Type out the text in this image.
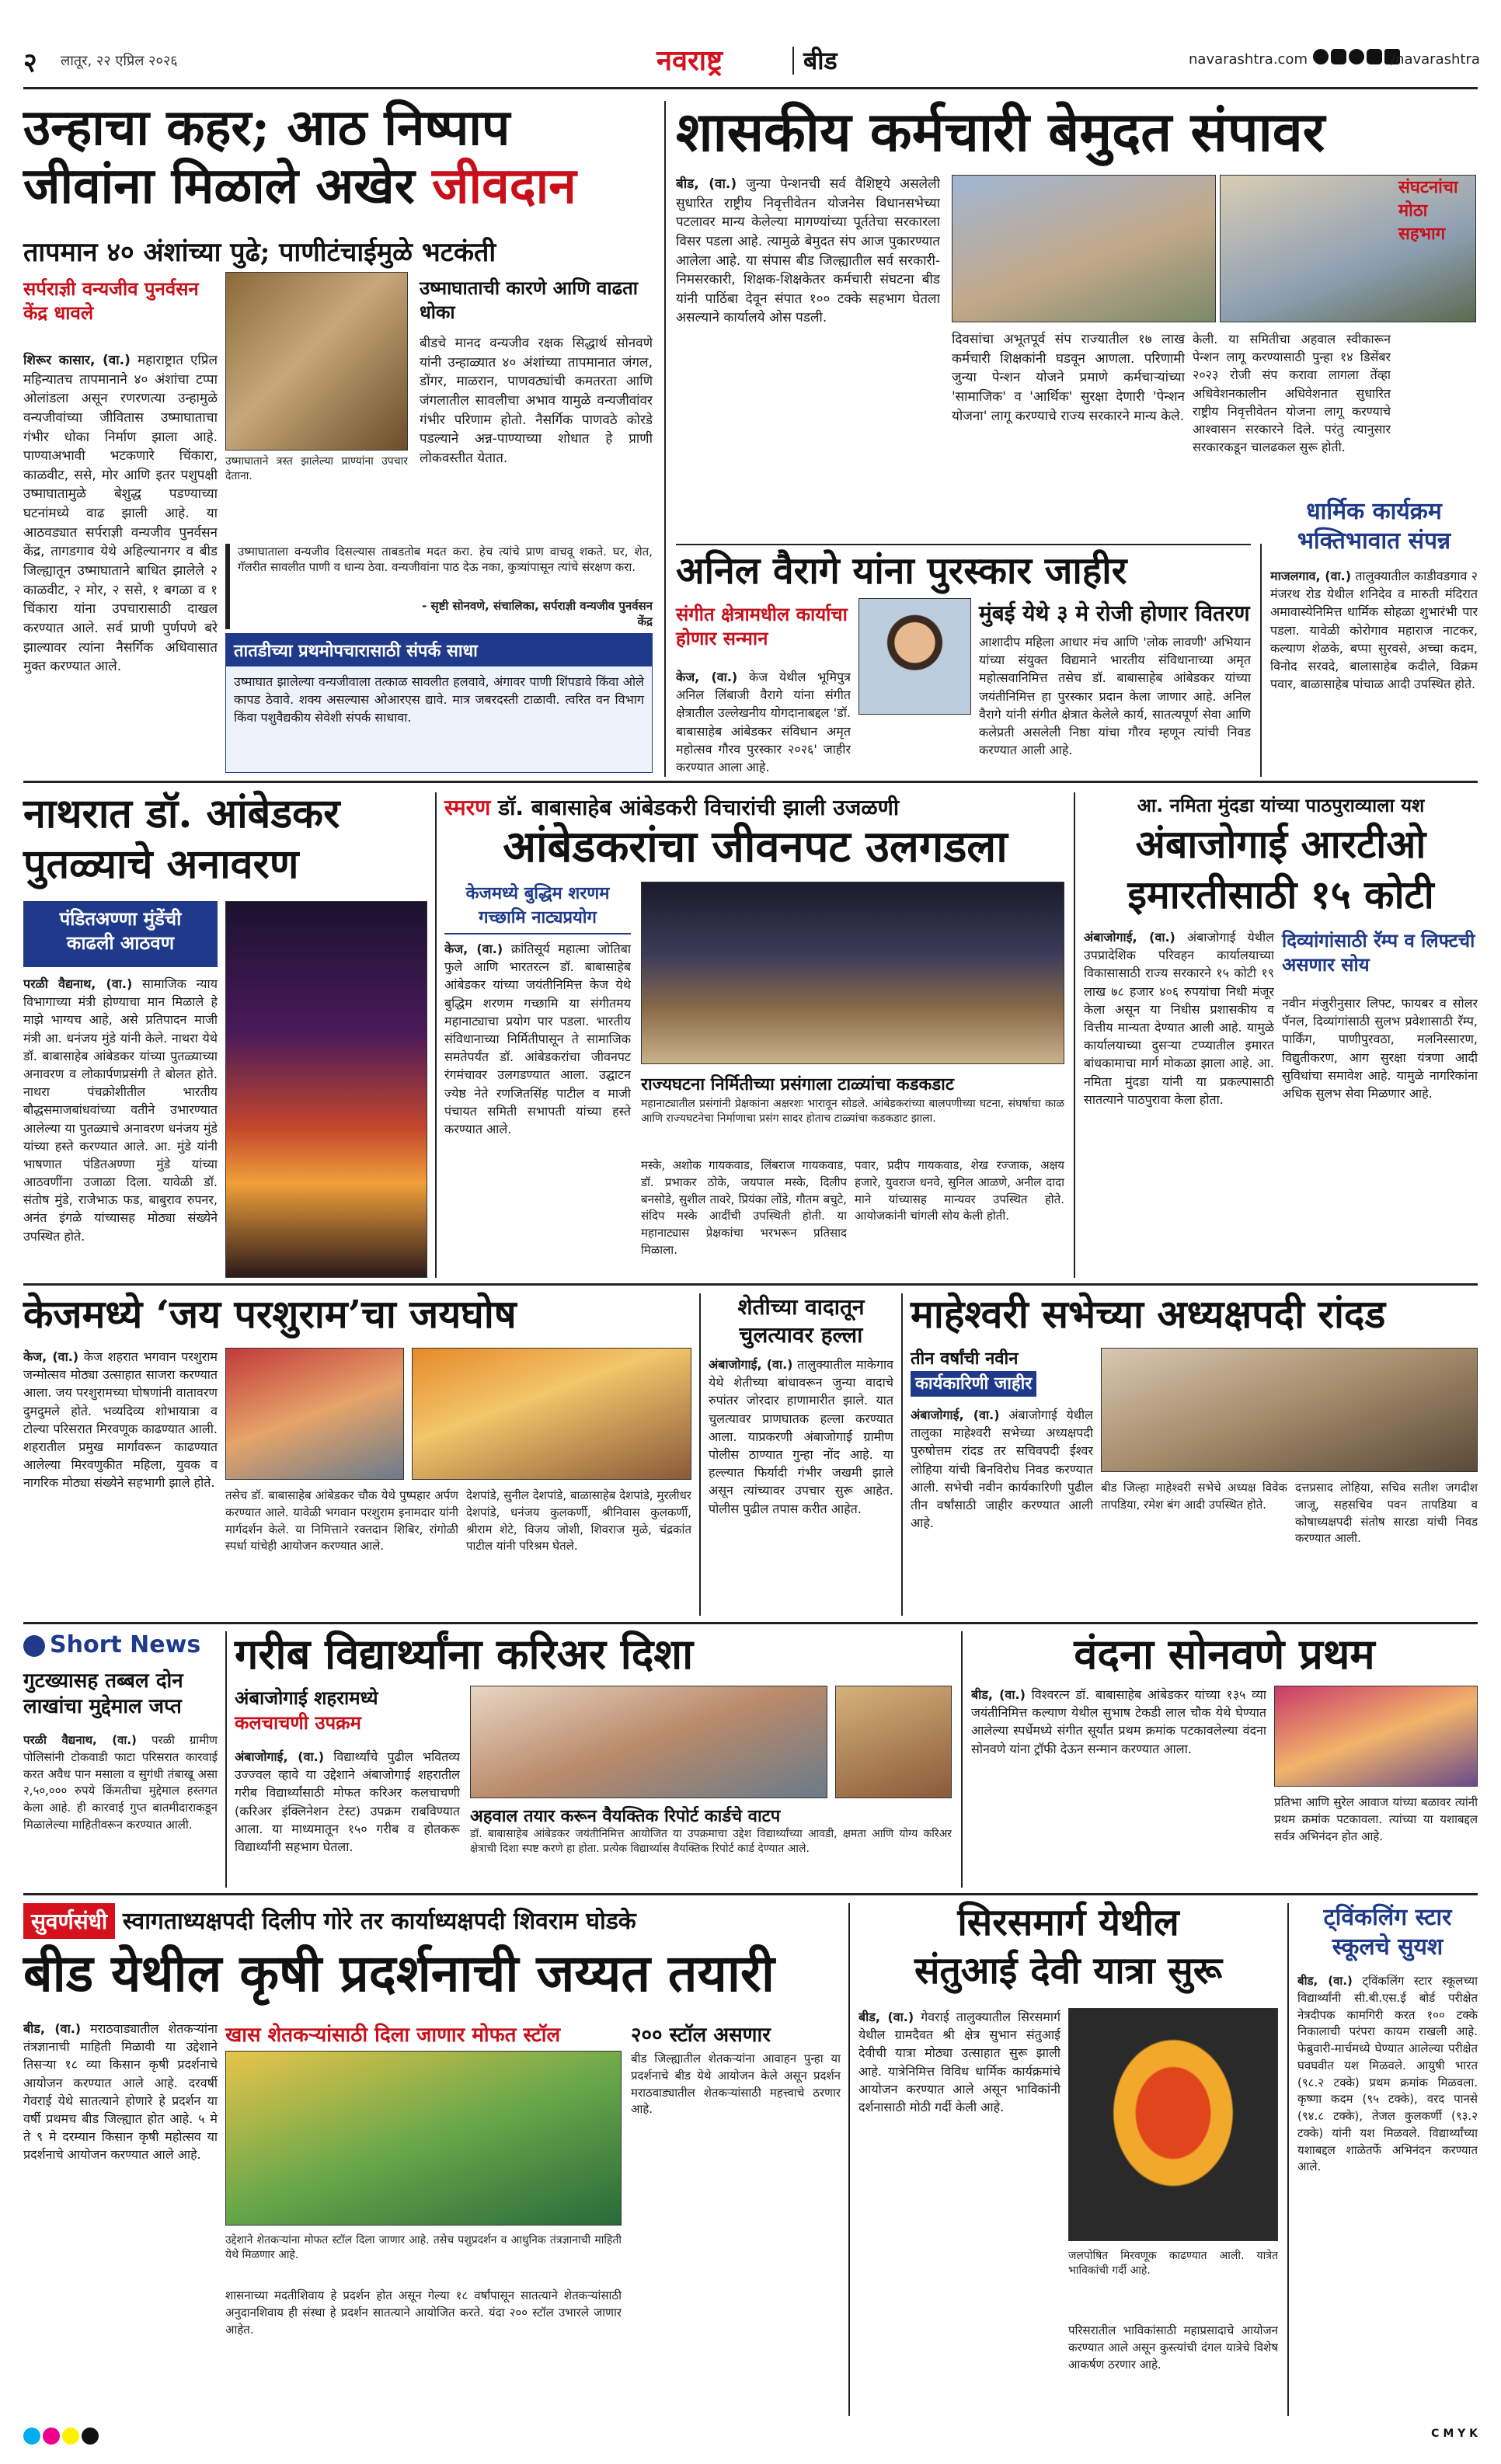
२ लातूर, २२ एप्रिल २०२६	नवराष्ट्र	बीड	navarashtra.com	/navarashtra
उन्हाचा कहर; आठ निष्पाप
जीवांना मिळाले अखेर जीवदान
तापमान ४० अंशांच्या पुढे; पाणीटंचाईमुळे भटकंती
सर्पराज्ञी वन्यजीव पुनर्वसन केंद्र धावले
उष्माघाताची कारणे आणि वाढता धोका
शिरूर कासार, (वा.) महाराष्ट्रात एप्रिल महिन्यातच तापमानाने ४० अंशांचा टप्पा ओलांडला असून रणरणत्या उन्हामुळे वन्यजीवांच्या जीवितास उष्माघाताचा गंभीर धोका निर्माण झाला आहे. पाण्याअभावी भटकणारे चिंकारा, काळवीट, ससे, मोर आणि इतर पशुपक्षी उष्माघातामुळे बेशुद्ध पडण्याच्या घटनांमध्ये वाढ झाली आहे. या आठवड्यात सर्पराज्ञी वन्यजीव पुनर्वसन केंद्र, तागडगाव येथे अहिल्यानगर व बीड जिल्ह्यातून उष्माघाताने बाधित झालेले २ काळवीट, २ मोर, २ ससे, १ बगळा व १ चिंकारा यांना उपचारासाठी दाखल करण्यात आले. सर्व प्राणी पुर्णपणे बरे झाल्यावर त्यांना नैसर्गिक अधिवासात मुक्त करण्यात आले.
बीडचे मानद वन्यजीव रक्षक सिद्धार्थ सोनवणे यांनी उन्हाळ्यात ४० अंशांच्या तापमानात जंगल, डोंगर, माळरान, पाणवठ्यांची कमतरता आणि जंगलातील सावलीचा अभाव यामुळे वन्यजीवांवर गंभीर परिणाम होतो. नैसर्गिक पाणवठे कोरडे पडल्याने अन्न-पाण्याच्या शोधात हे प्राणी लोकवस्तीत येतात.
उष्माघाताला वन्यजीव दिसल्यास ताबडतोब मदत करा. हेच त्यांचे प्राण वाचवू शकते. घर, शेत, गॅलरीत सावलीत पाणी व धान्य ठेवा. वन्यजीवांना पाठ देऊ नका, कुत्र्यांपासून त्यांचे संरक्षण करा.
- सृष्टी सोनवणे, संचालिका, सर्पराज्ञी वन्यजीव पुनर्वसन केंद्र
तातडीच्या प्रथमोपचारासाठी संपर्क साधा
उष्माघात झालेल्या वन्यजीवाला तत्काळ सावलीत हलवावे, अंगावर पाणी शिंपडावे किंवा ओले कापड ठेवावे. शक्य असल्यास ओआरएस द्यावे. मात्र जबरदस्ती टाळावी. त्वरित वन विभाग किंवा पशुवैद्यकीय सेवेशी संपर्क साधावा.
उष्माघाताने त्रस्त झालेल्या प्राण्यांना उपचार देताना.
शासकीय कर्मचारी बेमुदत संपावर
बीड, (वा.) जुन्या पेन्शनची सर्व वैशिष्ट्ये असलेली सुधारित राष्ट्रीय निवृत्तीवेतन योजनेस विधानसभेच्या पटलावर मान्य केलेल्या मागण्यांच्या पूर्ततेचा सरकारला विसर पडला आहे. त्यामुळे बेमुदत संप आज पुकारण्यात आलेला आहे. या संपास बीड जिल्ह्यातील सर्व सरकारी-निमसरकारी, शिक्षक-शिक्षकेतर कर्मचारी संघटना बीड यांनी पाठिंबा देवून संपात १०० टक्के सहभाग घेतला असल्याने कार्यालये ओस पडली.
दिवसांचा अभूतपूर्व संप राज्यातील १७ लाख कर्मचारी शिक्षकांनी घडवून आणला. परिणामी जुन्या पेन्शन योजने प्रमाणे कर्मचाऱ्यांच्या 'सामाजिक' व 'आर्थिक' सुरक्षा देणारी 'पेन्शन योजना' लागू करण्याचे राज्य सरकारने मान्य केले.
केली. या समितीचा अहवाल स्वीकारून पेन्शन लागू करण्यासाठी पुन्हा १४ डिसेंबर २०२३ रोजी संप करावा लागला तेंव्हा अधिवेशनकालीन अधिवेशनात सुधारित राष्ट्रीय निवृत्तीवेतन योजना लागू करण्याचे आश्वासन सरकारने दिले. परंतु त्यानुसार सरकारकडून चालढकल सुरू होती.
संघटनांचा मोठा सहभाग
अनिल वैरागे यांना पुरस्कार जाहीर
संगीत क्षेत्रामधील कार्याचा होणार सन्मान
मुंबई येथे ३ मे रोजी होणार वितरण
केज, (वा.) केज येथील भूमिपुत्र अनिल लिंबाजी वैरागे यांना संगीत क्षेत्रातील उल्लेखनीय योगदानाबद्दल 'डॉ. बाबासाहेब आंबेडकर संविधान अमृत महोत्सव गौरव पुरस्कार २०२६' जाहीर करण्यात आला आहे.
आशादीप महिला आधार मंच आणि 'लोक लावणी' अभियान यांच्या संयुक्त विद्यमाने भारतीय संविधानाच्या अमृत महोत्सवानिमित्त तसेच डॉ. बाबासाहेब आंबेडकर यांच्या जयंतीनिमित्त हा पुरस्कार प्रदान केला जाणार आहे. अनिल वैरागे यांनी संगीत क्षेत्रात केलेले कार्य, सातत्यपूर्ण सेवा आणि कलेप्रती असलेली निष्ठा यांचा गौरव म्हणून त्यांची निवड करण्यात आली आहे.
धार्मिक कार्यक्रम भक्तिभावात संपन्न
माजलगाव, (वा.) तालुक्यातील काडीवडगाव २ मंजरथ रोड येथील शनिदेव व मारुती मंदिरात अमावास्येनिमित्त धार्मिक सोहळा शुभारंभी पार पडला. यावेळी कोरोगाव महाराज नाटकर, कल्याण शेळके, बप्पा सुरवसे, अच्चा कदम, विनोद सरवदे, बालासाहेब कदीले, विक्रम पवार, बाळासाहेब पांचाळ आदी उपस्थित होते.
नाथरात डॉ. आंबेडकर
पुतळ्याचे अनावरण
पंडितअण्णा मुंडेंची
काढली आठवण
परळी वैद्यनाथ, (वा.) सामाजिक न्याय विभागाच्या मंत्री होण्याचा मान मिळाले हे माझे भाग्यच आहे, असे प्रतिपादन माजी मंत्री आ. धनंजय मुंडे यांनी केले. नाथरा येथे डॉ. बाबासाहेब आंबेडकर यांच्या पुतळ्याच्या अनावरण व लोकार्पणप्रसंगी ते बोलत होते. नाथरा पंचक्रोशीतील भारतीय बौद्धसमाजबांधवांच्या वतीने उभारण्यात आलेल्या या पुतळ्याचे अनावरण धनंजय मुंडे यांच्या हस्ते करण्यात आले. आ. मुंडे यांनी भाषणात पंडितअण्णा मुंडे यांच्या आठवणींना उजाळा दिला. यावेळी डॉ. संतोष मुंडे, राजेभाऊ फड, बाबुराव रुपनर, अनंत इंगळे यांच्यासह मोठ्या संख्येने उपस्थित होते.
स्मरण डॉ. बाबासाहेब आंबेडकरी विचारांची झाली उजळणी
आंबेडकरांचा जीवनपट उलगडला
केजमध्ये बुद्धिम शरणम
गच्छामि नाट्यप्रयोग
केज, (वा.) क्रांतिसूर्य महात्मा जोतिबा फुले आणि भारतरत्न डॉ. बाबासाहेब आंबेडकर यांच्या जयंतीनिमित्त केज येथे बुद्धिम शरणम गच्छामि या संगीतमय महानाट्याचा प्रयोग पार पडला. भारतीय संविधानाच्या निर्मितीपासून ते सामाजिक समतेपर्यंत डॉ. आंबेडकरांचा जीवनपट रंगमंचावर उलगडण्यात आला. उद्घाटन ज्येष्ठ नेते रणजितसिंह पाटील व माजी पंचायत समिती सभापती यांच्या हस्ते करण्यात आले.
राज्यघटना निर्मितीच्या प्रसंगाला टाळ्यांचा कडकडाट
महानाट्यातील प्रसंगांनी प्रेक्षकांना अक्षरशः भारावून सोडले. आंबेडकरांच्या बालपणीच्या घटना, संघर्षाचा काळ आणि राज्यघटनेचा निर्माणाचा प्रसंग सादर होताच टाळ्यांचा कडकडाट झाला.
मस्के, अशोक गायकवाड, लिंबराज गायकवाड, डॉ. प्रभाकर ठोके, जयपाल मस्के, दिलीप बनसोडे, सुशील तावरे, प्रियंका लोंडे, गौतम बचुटे, संदिप मस्के आदींची उपस्थिती होती. या महानाट्यास प्रेक्षकांचा भरभरून प्रतिसाद मिळाला.
पवार, प्रदीप गायकवाड, शेख रज्जाक, अक्षय हजारे, युवराज धनवे, सुनिल आळणे, अनील दादा माने यांच्यासह मान्यवर उपस्थित होते. आयोजकांनी चांगली सोय केली होती.
आ. नमिता मुंदडा यांच्या पाठपुराव्याला यश
अंबाजोगाई आरटीओ
इमारतीसाठी १५ कोटी
अंबाजोगाई, (वा.) अंबाजोगाई येथील उपप्रादेशिक परिवहन कार्यालयाच्या विकासासाठी राज्य सरकारने १५ कोटी १९ लाख ७८ हजार ४०६ रुपयांचा निधी मंजूर केला असून या निधीस प्रशासकीय व वित्तीय मान्यता देण्यात आली आहे. यामुळे कार्यालयाच्या दुसऱ्या टप्प्यातील इमारत बांधकामाचा मार्ग मोकळा झाला आहे. आ. नमिता मुंदडा यांनी या प्रकल्पासाठी सातत्याने पाठपुरावा केला होता.
दिव्यांगांसाठी रॅम्प व लिफ्टची असणार सोय
नवीन मंजुरीनुसार लिफ्ट, फायबर व सोलर पॅनल, दिव्यांगांसाठी सुलभ प्रवेशासाठी रॅम्प, पार्किंग, पाणीपुरवठा, मलनिस्सारण, विद्युतीकरण, आग सुरक्षा यंत्रणा आदी सुविधांचा समावेश आहे. यामुळे नागरिकांना अधिक सुलभ सेवा मिळणार आहे.
केजमध्ये ‘जय परशुराम’चा जयघोष
केज, (वा.) केज शहरात भगवान परशुराम जन्मोत्सव मोठ्या उत्साहात साजरा करण्यात आला. जय परशुरामच्या घोषणांनी वातावरण दुमदुमले होते. भव्यदिव्य शोभायात्रा व टोल्या परिसरात मिरवणूक काढण्यात आली. शहरातील प्रमुख मार्गांवरून काढण्यात आलेल्या मिरवणुकीत महिला, युवक व नागरिक मोठ्या संख्येने सहभागी झाले होते.
तसेच डॉ. बाबासाहेब आंबेडकर चौक येथे पुष्पहार अर्पण करण्यात आले. यावेळी भगवान परशुराम इनामदार यांनी मार्गदर्शन केले. या निमित्ताने रक्तदान शिबिर, रांगोळी स्पर्धा यांचेही आयोजन करण्यात आले.
देशपांडे, सुनील देशपांडे, बाळासाहेब देशपांडे, मुरलीधर देशपांडे, धनंजय कुलकर्णी, श्रीनिवास कुलकर्णी, श्रीराम शेटे, विजय जोशी, शिवराज मुळे, चंद्रकांत पाटील यांनी परिश्रम घेतले.
शेतीच्या वादातून
चुलत्यावर हल्ला
अंबाजोगाई, (वा.) तालुक्यातील माकेगाव येथे शेतीच्या बांधावरून जुन्या वादाचे रुपांतर जोरदार हाणामारीत झाले. यात चुलत्यावर प्राणघातक हल्ला करण्यात आला. याप्रकरणी अंबाजोगाई ग्रामीण पोलीस ठाण्यात गुन्हा नोंद आहे. या हल्ल्यात फिर्यादी गंभीर जखमी झाले असून त्यांच्यावर उपचार सुरू आहेत. पोलीस पुढील तपास करीत आहेत.
माहेश्वरी सभेच्या अध्यक्षपदी रांदड
तीन वर्षांची नवीन
कार्यकारिणी जाहीर
अंबाजोगाई, (वा.) अंबाजोगाई येथील तालुका माहेश्वरी सभेच्या अध्यक्षपदी पुरुषोत्तम रांदड तर सचिवपदी ईश्वर लोहिया यांची बिनविरोध निवड करण्यात आली. सभेची नवीन कार्यकारिणी पुढील तीन वर्षांसाठी जाहीर करण्यात आली आहे.
बीड जिल्हा माहेश्वरी सभेचे अध्यक्ष विवेक तापडिया, रमेश बंग आदी उपस्थित होते.
दत्तप्रसाद लोहिया, सचिव सतीश जगदीश जाजू, सहसचिव पवन तापडिया व कोषाध्यक्षपदी संतोष सारडा यांची निवड करण्यात आली.
Short News
गुटख्यासह तब्बल दोन लाखांचा मुद्देमाल जप्त
परळी वैद्यनाथ, (वा.) परळी ग्रामीण पोलिसांनी टोकवाडी फाटा परिसरात कारवाई करत अवैध पान मसाला व सुगंधी तंबाखू असा २,५०,००० रुपये किंमतीचा मुद्देमाल हस्तगत केला आहे. ही कारवाई गुप्त बातमीदाराकडून मिळालेल्या माहितीवरून करण्यात आली.
गरीब विद्यार्थ्यांना करिअर दिशा
अंबाजोगाई शहरामध्ये
कलचाचणी उपक्रम
अंबाजोगाई, (वा.) विद्यार्थ्यांचे पुढील भवितव्य उज्ज्वल व्हावे या उद्देशाने अंबाजोगाई शहरातील गरीब विद्यार्थ्यांसाठी मोफत करिअर कलचाचणी (करिअर इंक्लिनेशन टेस्ट) उपक्रम राबविण्यात आला. या माध्यमातून १५० गरीब व होतकरू विद्यार्थ्यांनी सहभाग घेतला.
अहवाल तयार करून वैयक्तिक रिपोर्ट कार्डचे वाटप
डॉ. बाबासाहेब आंबेडकर जयंतीनिमित्त आयोजित या उपक्रमाचा उद्देश विद्यार्थ्यांच्या आवडी, क्षमता आणि योग्य करिअर क्षेत्राची दिशा स्पष्ट करणे हा होता. प्रत्येक विद्यार्थ्यास वैयक्तिक रिपोर्ट कार्ड देण्यात आले.
वंदना सोनवणे प्रथम
बीड, (वा.) विश्वरत्न डॉ. बाबासाहेब आंबेडकर यांच्या १३५ व्या जयंतीनिमित्त कल्याण येथील सुभाष टेकडी लाल चौक येथे घेण्यात आलेल्या स्पर्धेमध्ये संगीत सूर्यांत प्रथम क्रमांक पटकावलेल्या वंदना सोनवणे यांना ट्रॉफी देऊन सन्मान करण्यात आला.
प्रतिभा आणि सुरेल आवाज यांच्या बळावर त्यांनी प्रथम क्रमांक पटकावला. त्यांच्या या यशाबद्दल सर्वत्र अभिनंदन होत आहे.
सुवर्णसंधी स्वागताध्यक्षपदी दिलीप गोरे तर कार्याध्यक्षपदी शिवराम घोडके
बीड येथील कृषी प्रदर्शनाची जय्यत तयारी
बीड, (वा.) मराठवाड्यातील शेतकऱ्यांना तंत्रज्ञानाची माहिती मिळावी या उद्देशाने तिसऱ्या १८ व्या किसान कृषी प्रदर्शनाचे आयोजन करण्यात आले आहे. दरवर्षी गेवराई येथे सातत्याने होणारे हे प्रदर्शन या वर्षी प्रथमच बीड जिल्ह्यात होत आहे. ५ मे ते ९ मे दरम्यान किसान कृषी महोत्सव या प्रदर्शनाचे आयोजन करण्यात आले आहे.
खास शेतकऱ्यांसाठी दिला जाणार मोफत स्टॉल
उद्देशाने शेतकऱ्यांना मोफत स्टॉल दिला जाणार आहे. तसेच पशुप्रदर्शन व आधुनिक तंत्रज्ञानाची माहिती येथे मिळणार आहे.
शासनाच्या मदतीशिवाय हे प्रदर्शन होत असून गेल्या १८ वर्षांपासून सातत्याने शेतकऱ्यांसाठी अनुदानशिवाय ही संस्था हे प्रदर्शन सातत्याने आयोजित करते. यंदा २०० स्टॉल उभारले जाणार आहेत.
२०० स्टॉल असणार
बीड जिल्ह्यातील शेतकऱ्यांना आवाहन पुन्हा या प्रदर्शनाचे बीड येथे आयोजन केले असून प्रदर्शन मराठवाड्यातील शेतकऱ्यांसाठी महत्त्वाचे ठरणार आहे.
सिरसमार्ग येथील
संतुआई देवी यात्रा सुरू
बीड, (वा.) गेवराई तालुक्यातील सिरसमार्ग येथील ग्रामदैवत श्री क्षेत्र सुभान संतुआई देवीची यात्रा मोठ्या उत्साहात सुरू झाली आहे. यात्रेनिमित्त विविध धार्मिक कार्यक्रमांचे आयोजन करण्यात आले असून भाविकांनी दर्शनासाठी मोठी गर्दी केली आहे.
जलपोषित मिरवणूक काढण्यात आली. यात्रेत भाविकांची गर्दी आहे.
परिसरातील भाविकांसाठी महाप्रसादाचे आयोजन करण्यात आले असून कुस्त्यांची दंगल यात्रेचे विशेष आकर्षण ठरणार आहे.
ट्विंकलिंग स्टार
स्कूलचे सुयश
बीड, (वा.) ट्विंकलिंग स्टार स्कूलच्या विद्यार्थ्यांनी सी.बी.एस.ई बोर्ड परीक्षेत नेत्रदीपक कामगिरी करत १०० टक्के निकालाची परंपरा कायम राखली आहे. फेब्रुवारी-मार्चमध्ये घेण्यात आलेल्या परीक्षेत घवघवीत यश मिळवले. आयुषी भारत (९८.२ टक्के) प्रथम क्रमांक मिळवला. कृष्णा कदम (९५ टक्के), वरद पानसे (९४.८ टक्के), तेजल कुलकर्णी (९३.२ टक्के) यांनी यश मिळवले. विद्यार्थ्यांच्या यशाबद्दल शाळेतर्फे अभिनंदन करण्यात आले.
C M Y K
